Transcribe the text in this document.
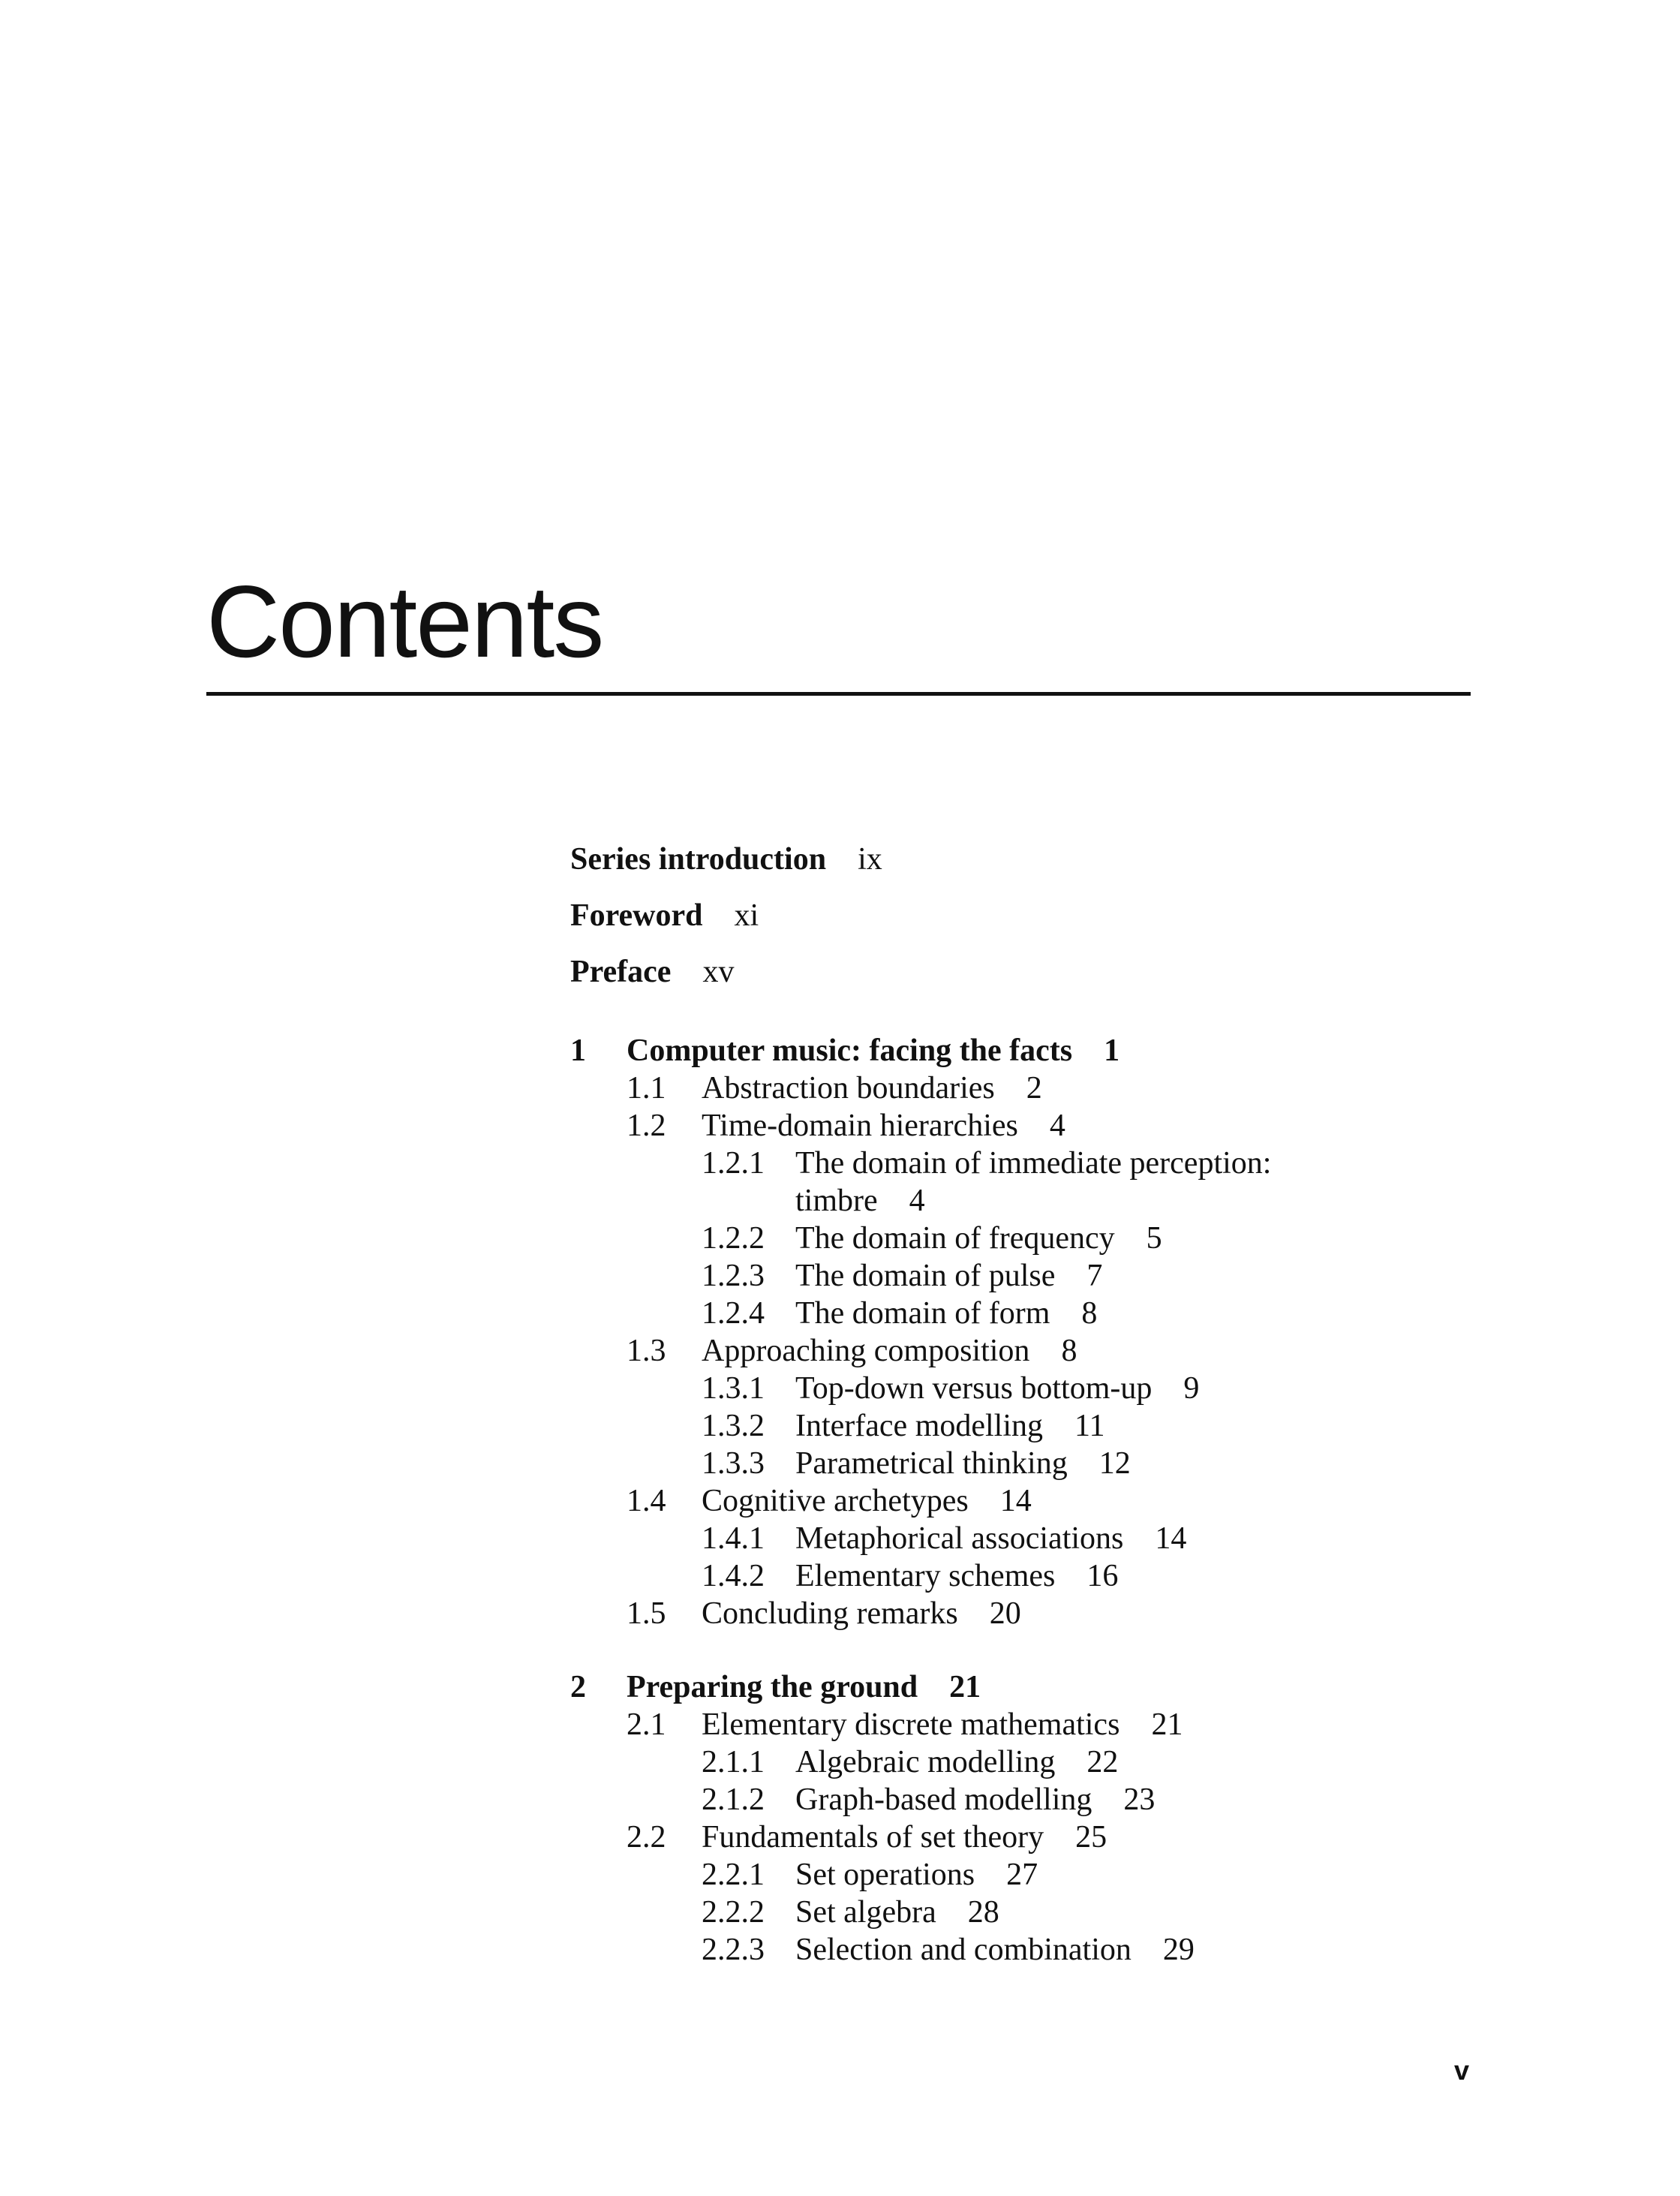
Contents
Series introduction ix
Foreword xi
Preface xv
1	Computer music: facing the facts 1
1.1	Abstraction boundaries 2
1.2	Time-domain hierarchies 4
1.2.1 The domain of immediate perception: timbre 4
1.2.2 The domain of frequency 5
1.2.3 The domain of pulse 7
1.2.4 The domain of form 8
1.3	Approaching composition 8
1.3.1 Top-down versus bottom-up 9
1.3.2 Interface modelling 11
1.3.3 Parametrical thinking 12
1.4	Cognitive archetypes 14
1.4.1 Metaphorical associations 14
1.4.2 Elementary schemes 16
1.5	Concluding remarks 20
2	Preparing the ground 21
2.1	Elementary discrete mathematics 21
2.1.1 Algebraic modelling 22
2.1.2 Graph-based modelling 23
2.2	Fundamentals of set theory 25
2.2.1 Set operations 27
2.2.2 Set algebra 28
2.2.3 Selection and combination 29
v
